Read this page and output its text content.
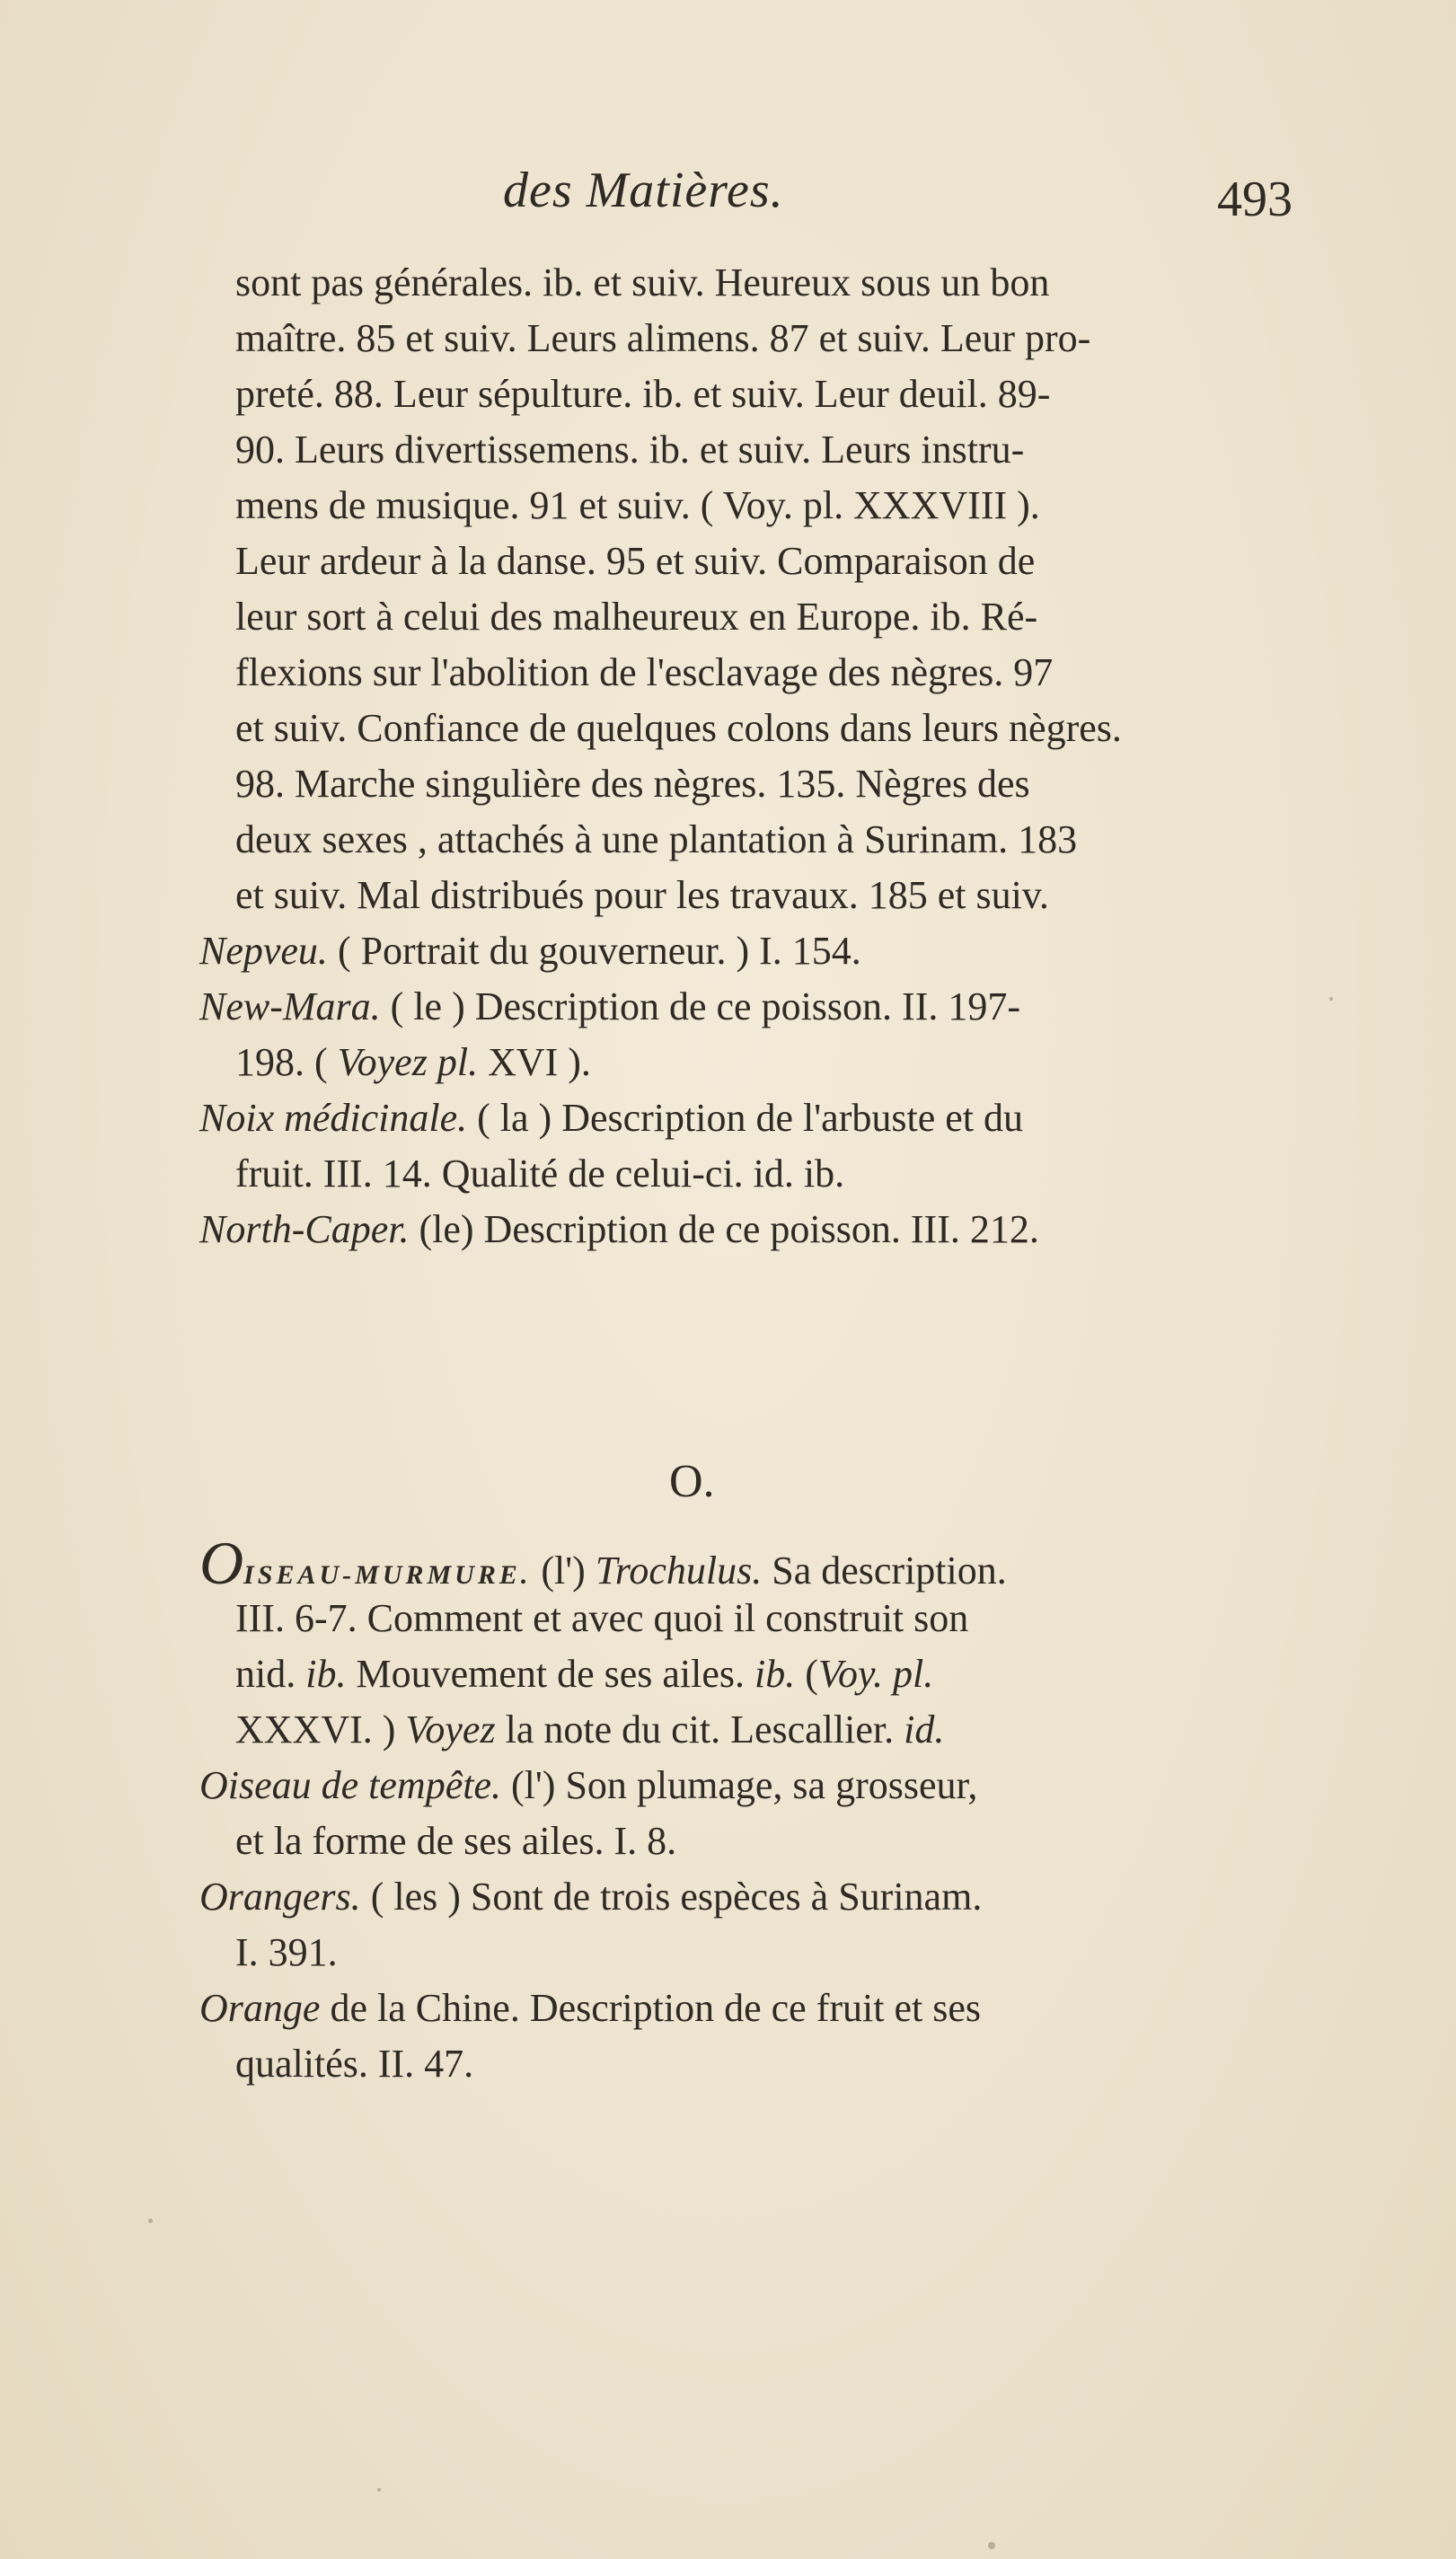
des Matières.	493
sont pas générales. ib. et suiv. Heureux sous un bon
maître. 85 et suiv. Leurs alimens. 87 et suiv. Leur pro-
preté. 88. Leur sépulture. ib. et suiv. Leur deuil. 89-
90. Leurs divertissemens. ib. et suiv. Leurs instru-
mens de musique. 91 et suiv. ( Voy. pl. XXXVIII ).
Leur ardeur à la danse. 95 et suiv. Comparaison de
leur sort à celui des malheureux en Europe. ib. Ré-
flexions sur l'abolition de l'esclavage des nègres. 97
et suiv. Confiance de quelques colons dans leurs nègres.
98. Marche singulière des nègres. 135. Nègres des
deux sexes , attachés à une plantation à Surinam. 183
et suiv. Mal distribués pour les travaux. 185 et suiv.
Nepveu. ( Portrait du gouverneur. ) I. 154.
New-Mara. ( le ) Description de ce poisson. II. 197-
198. ( Voyez pl. XVI ).
Noix médicinale. ( la ) Description de l'arbuste et du
fruit. III. 14. Qualité de celui-ci. id. ib.
North-Caper. (le) Description de ce poisson. III. 212.
OISEAU-MURMURE. (l') Trochulus. Sa description.
III. 6-7. Comment et avec quoi il construit son
nid. ib. Mouvement de ses ailes. ib. (Voy. pl.
XXXVI. ) Voyez la note du cit. Lescallier. id.
Oiseau de tempête. (l') Son plumage, sa grosseur,
et la forme de ses ailes. I. 8.
Orangers. ( les ) Sont de trois espèces à Surinam.
I. 391.
Orange de la Chine. Description de ce fruit et ses
qualités. II. 47.
O.
